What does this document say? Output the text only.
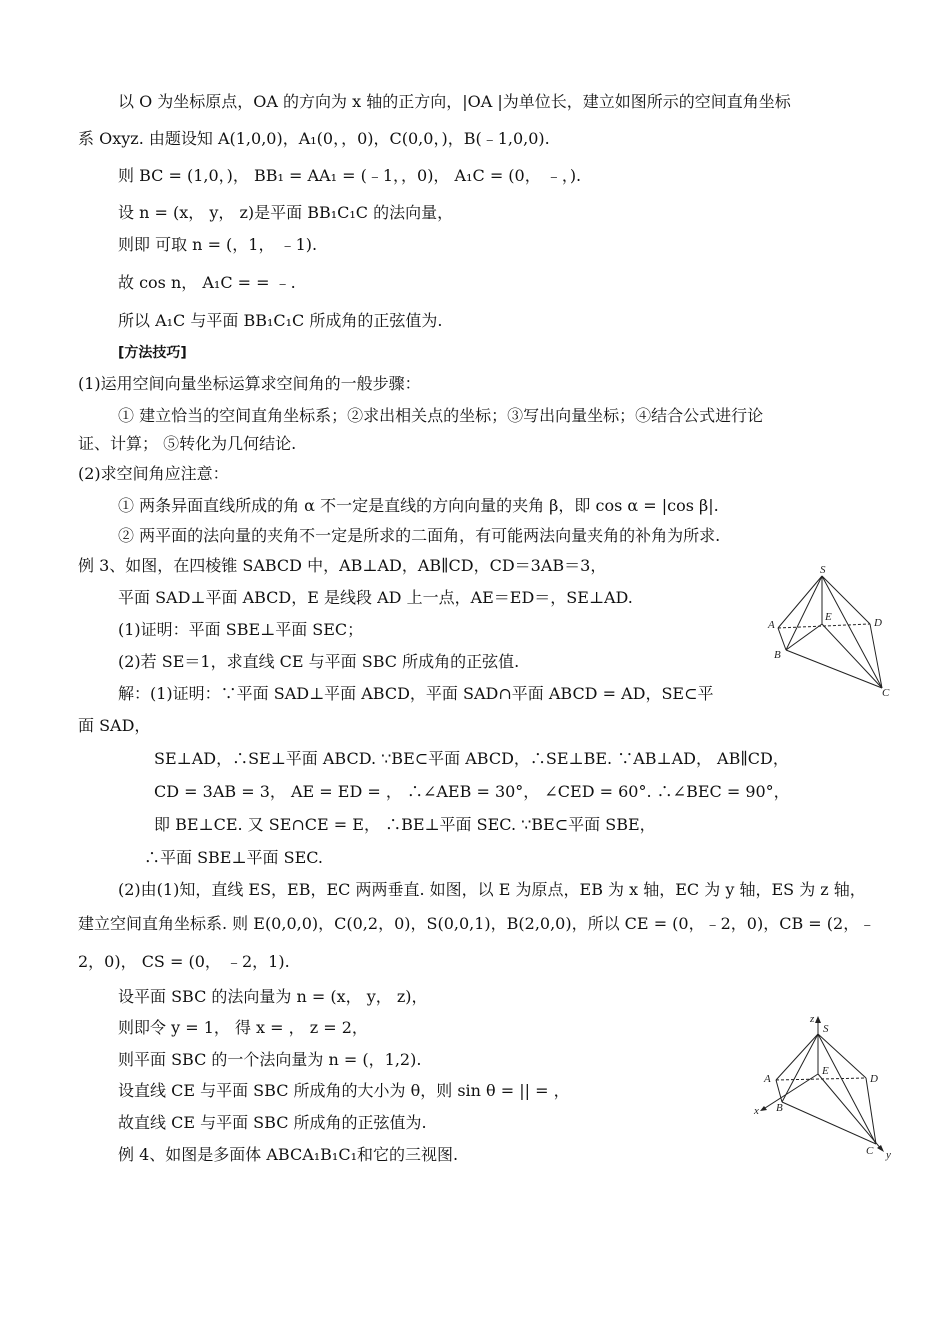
以 O 为坐标原点，OA 的方向为 x 轴的正方向，|OA |为单位长，建立如图所示的空间直角坐标
系 Oxyz. 由题设知 A(1,0,0)，A₁(0，，0)，C(0,0，)，B(﹣1,0,0).
则 BC = (1,0，)， BB₁ = AA₁ = (﹣1，，0)， A₁C = (0， ﹣，).
设 n = (x， y， z)是平面 BB₁C₁C 的法向量，
则即 可取 n = (，1， ﹣1).
故 cos n， A₁C = = ﹣.
所以 A₁C 与平面 BB₁C₁C 所成角的正弦值为.
[方法技巧]
(1)运用空间向量坐标运算求空间角的一般步骤：
① 建立恰当的空间直角坐标系；②求出相关点的坐标；③写出向量坐标；④结合公式进行论
证、计算； ⑤转化为几何结论.
(2)求空间角应注意：
① 两条异面直线所成的角 α 不一定是直线的方向向量的夹角 β，即 cos α = |cos β|.
② 两平面的法向量的夹角不一定是所求的二面角，有可能两法向量夹角的补角为所求.
例 3、如图，在四棱锥 SABCD 中，AB⊥AD，AB∥CD，CD＝3AB＝3，
平面 SAD⊥平面 ABCD，E 是线段 AD 上一点，AE＝ED＝，SE⊥AD.
(1)证明：平面 SBE⊥平面 SEC；
(2)若 SE＝1，求直线 CE 与平面 SBC 所成角的正弦值.
解：(1)证明：∵平面 SAD⊥平面 ABCD，平面 SAD∩平面 ABCD = AD，SE⊂平
面 SAD，
SE⊥AD，∴SE⊥平面 ABCD. ∵BE⊂平面 ABCD，∴SE⊥BE. ∵AB⊥AD， AB∥CD，
CD = 3AB = 3， AE = ED = ， ∴∠AEB = 30°， ∠CED = 60°. ∴∠BEC = 90°，
即 BE⊥CE. 又 SE∩CE = E， ∴BE⊥平面 SEC. ∵BE⊂平面 SBE，
∴平面 SBE⊥平面 SEC.
(2)由(1)知，直线 ES，EB，EC 两两垂直. 如图，以 E 为原点，EB 为 x 轴，EC 为 y 轴，ES 为 z 轴，
建立空间直角坐标系. 则 E(0,0,0)，C(0,2，0)，S(0,0,1)，B(2,0,0)，所以 CE = (0，﹣2，0)，CB = (2，﹣
2，0)， CS = (0， ﹣2，1).
设平面 SBC 的法向量为 n = (x， y， z)，
则即令 y = 1， 得 x = ， z = 2，
则平面 SBC 的一个法向量为 n = (，1,2).
设直线 CE 与平面 SBC 所成角的大小为 θ，则 sin θ = || = ，
故直线 CE 与平面 SBC 所成角的正弦值为.
例 4、如图是多面体 ABCA₁B₁C₁和它的三视图.
S
A
E	D
B
C
z
S
A
E
D
x B
C y
